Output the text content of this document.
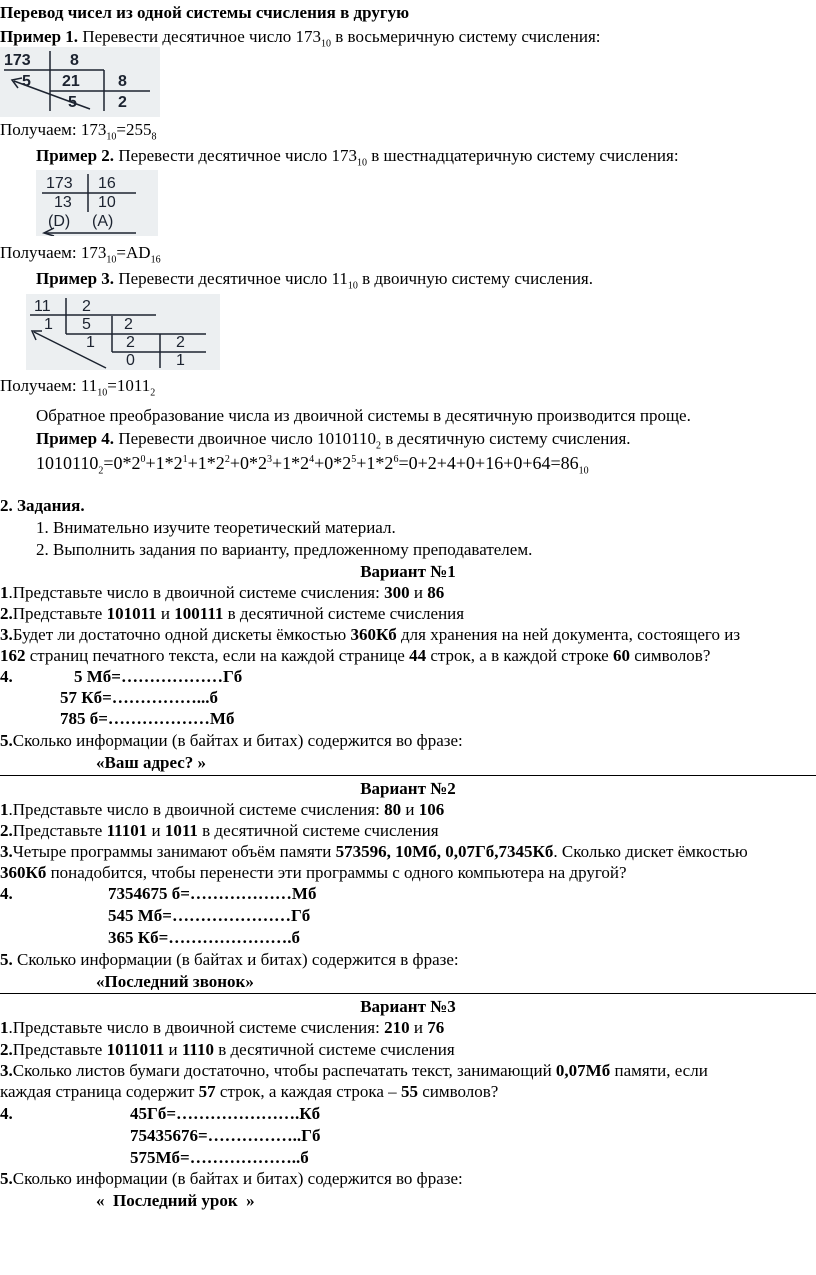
Перевод чисел из одной системы счисления в другую
Пример 1. Перевести десятичное число $173_{10}$ в восьмеричную систему счисления:
173 8
5 21 8
5	2
Получаем: $173_{10}=255_8$
Пример 2. Перевести десятичное число $173_{10}$ в шестнадцатеричную систему счисления:
173 16
13 10
(D) (A)
Получаем: $173_{10}=AD_{16}$
Пример 3. Перевести десятичное число $11_{10}$ в двоичную систему счисления.
11 2
1 5 2
1 2	2
0	1
Получаем: $11_{10}=1011_2$
Обратное преобразование числа из двоичной системы в десятичную производится проще.
Пример 4. Перевести двоичное число $1010110_2$ в десятичную систему счисления.
$1010110_2=0*2^0+1*2^1+1*2^2+0*2^3+1*2^4+0*2^5+1*2^6=0+2+4+0+16+0+64=86_{10}$
2. Задания.
1. Внимательно изучите теоретический материал.
2. Выполнить задания по варианту, предложенному преподавателем.
Вариант №1
1.Представьте число в двоичной системе счисления: 300 и 86
2.Представьте 101011 и 100111 в десятичной системе счисления
3.Будет ли достаточно одной дискеты ёмкостью 360Кб для хранения на ней документа, состоящего из
162 страниц печатного текста, если на каждой странице 44 строк, а в каждой строке 60 символов?
4.	5 Мб=………………Гб
57 Кб=……………...б
785 б=………………Мб
5.Сколько информации (в байтах и битах) содержится во фразе:
«Ваш адрес? »
Вариант №2
1.Представьте число в двоичной системе счисления: 80 и 106
2.Представьте 11101 и 1011 в десятичной системе счисления
3.Четыре программы занимают объём памяти 573596, 10Мб, 0,07Гб,7345Кб. Сколько дискет ёмкостью
360Кб понадобится, чтобы перенести эти программы с одного компьютера на другой?
4.	7354675 б=………………Мб
545 Мб=…………………Гб
365 Кб=………………….б
5. Сколько информации (в байтах и битах) содержится в фразе:
«Последний звонок»
Вариант №3
1.Представьте число в двоичной системе счисления: 210 и 76
2.Представьте 1011011 и 1110 в десятичной системе счисления
3.Сколько листов бумаги достаточно, чтобы распечатать текст, занимающий 0,07Мб памяти, если
каждая страница содержит 57 строк, а каждая строка – 55 символов?
4.	45Гб=………………….Кб
75435676=……………..Гб
575Мб=………………..б
5.Сколько информации (в байтах и битах) содержится во фразе:
«  Последний урок  »
